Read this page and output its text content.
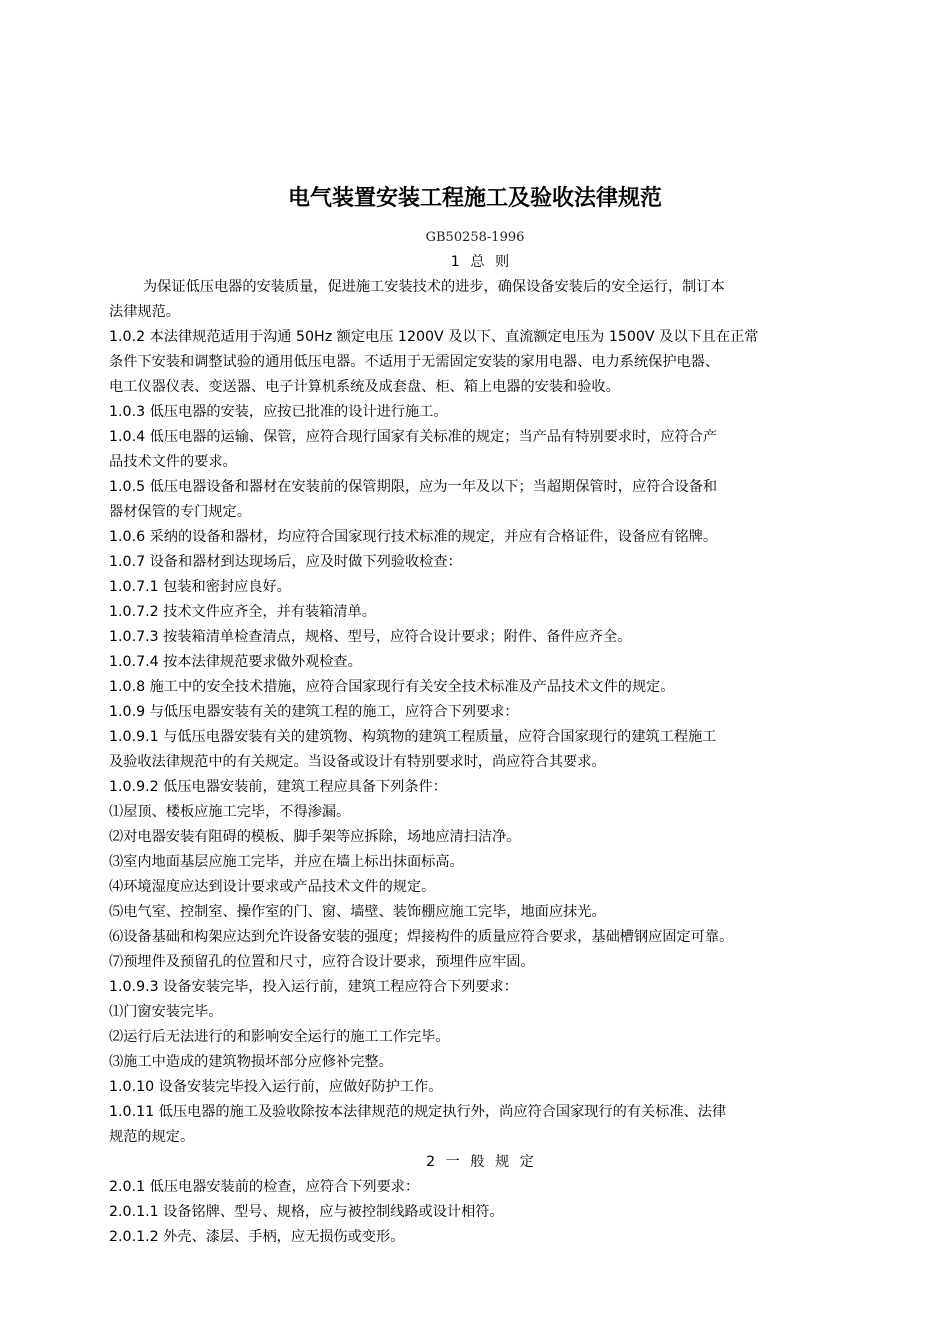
电气装置安装工程施工及验收法律规范
GB50258-1996

1 总 则

为保证低压电器的安装质量，促进施工安装技术的进步，确保设备安装后的安全运行，制订本

法律规范。

1.0.2 本法律规范适用于沟通 50Hz 额定电压 1200V 及以下、直流额定电压为 1500V 及以下且在正常

条件下安装和调整试验的通用低压电器。不适用于无需固定安装的家用电器、电力系统保护电器、

电工仪器仪表、变送器、电子计算机系统及成套盘、柜、箱上电器的安装和验收。

1.0.3 低压电器的安装，应按已批准的设计进行施工。

1.0.4 低压电器的运输、保管，应符合现行国家有关标准的规定；当产品有特别要求时，应符合产

品技术文件的要求。

1.0.5 低压电器设备和器材在安装前的保管期限，应为一年及以下；当超期保管时，应符合设备和

器材保管的专门规定。

1.0.6 采纳的设备和器材，均应符合国家现行技术标准的规定，并应有合格证件，设备应有铭牌。

1.0.7 设备和器材到达现场后，应及时做下列验收检查：

1.0.7.1 包装和密封应良好。

1.0.7.2 技术文件应齐全，并有装箱清单。

1.0.7.3 按装箱清单检查清点，规格、型号，应符合设计要求；附件、备件应齐全。

1.0.7.4 按本法律规范要求做外观检查。

1.0.8 施工中的安全技术措施，应符合国家现行有关安全技术标准及产品技术文件的规定。

1.0.9 与低压电器安装有关的建筑工程的施工，应符合下列要求：

1.0.9.1 与低压电器安装有关的建筑物、构筑物的建筑工程质量，应符合国家现行的建筑工程施工

及验收法律规范中的有关规定。当设备或设计有特别要求时，尚应符合其要求。

1.0.9.2 低压电器安装前，建筑工程应具备下列条件：

⑴屋顶、楼板应施工完毕，不得渗漏。

⑵对电器安装有阻碍的模板、脚手架等应拆除，场地应清扫洁净。

⑶室内地面基层应施工完毕，并应在墙上标出抹面标高。

⑷环境湿度应达到设计要求或产品技术文件的规定。

⑸电气室、控制室、操作室的门、窗、墙壁、装饰棚应施工完毕，地面应抹光。

⑹设备基础和构架应达到允许设备安装的强度；焊接构件的质量应符合要求，基础槽钢应固定可靠。

⑺预埋件及预留孔的位置和尺寸，应符合设计要求，预埋件应牢固。

1.0.9.3 设备安装完毕，投入运行前，建筑工程应符合下列要求：

⑴门窗安装完毕。

⑵运行后无法进行的和影响安全运行的施工工作完毕。

⑶施工中造成的建筑物损坏部分应修补完整。

1.0.10 设备安装完毕投入运行前，应做好防护工作。

1.0.11 低压电器的施工及验收除按本法律规范的规定执行外，尚应符合国家现行的有关标准、法律

规范的规定。

2 一 般 规 定

2.0.1 低压电器安装前的检查，应符合下列要求：

2.0.1.1 设备铭牌、型号、规格，应与被控制线路或设计相符。

2.0.1.2 外壳、漆层、手柄，应无损伤或变形。
